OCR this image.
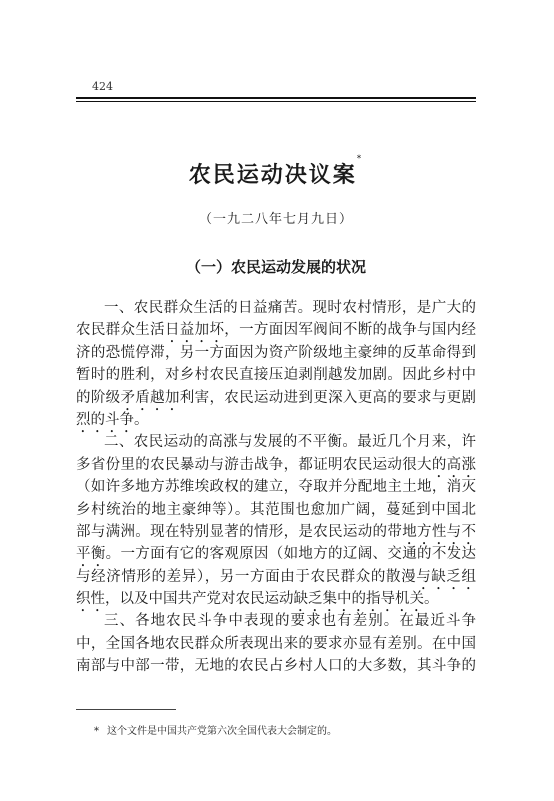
424
农民运动决议案*
（一九二八年七月九日）
（一）农民运动发展的状况
一、农民群众生活的日益痛苦。现时农村情形，是广大的
农民群众生活日益加坏，一方面因军阀间不断的战争与国内经
济的恐慌停滞，另一方面因为资产阶级地主豪绅的反革命得到
暂时的胜利，对乡村农民直接压迫剥削越发加剧。因此乡村中
的阶级矛盾越加利害，农民运动进到更深入更高的要求与更剧
烈的斗争。
二、农民运动的高涨与发展的不平衡。最近几个月来，许
多省份里的农民暴动与游击战争，都证明农民运动很大的高涨
（如许多地方苏维埃政权的建立，夺取并分配地主土地，消灭
乡村统治的地主豪绅等）。其范围也愈加广阔，蔓延到中国北
部与满洲。现在特别显著的情形，是农民运动的带地方性与不
平衡。一方面有它的客观原因（如地方的辽阔、交通的不发达
与经济情形的差异），另一方面由于农民群众的散漫与缺乏组
织性，以及中国共产党对农民运动缺乏集中的指导机关。
三、各地农民斗争中表现的要求也有差别。在最近斗争
中，全国各地农民群众所表现出来的要求亦显有差别。在中国
南部与中部一带，无地的农民占乡村人口的大多数，其斗争的
* 这个文件是中国共产党第六次全国代表大会制定的。
